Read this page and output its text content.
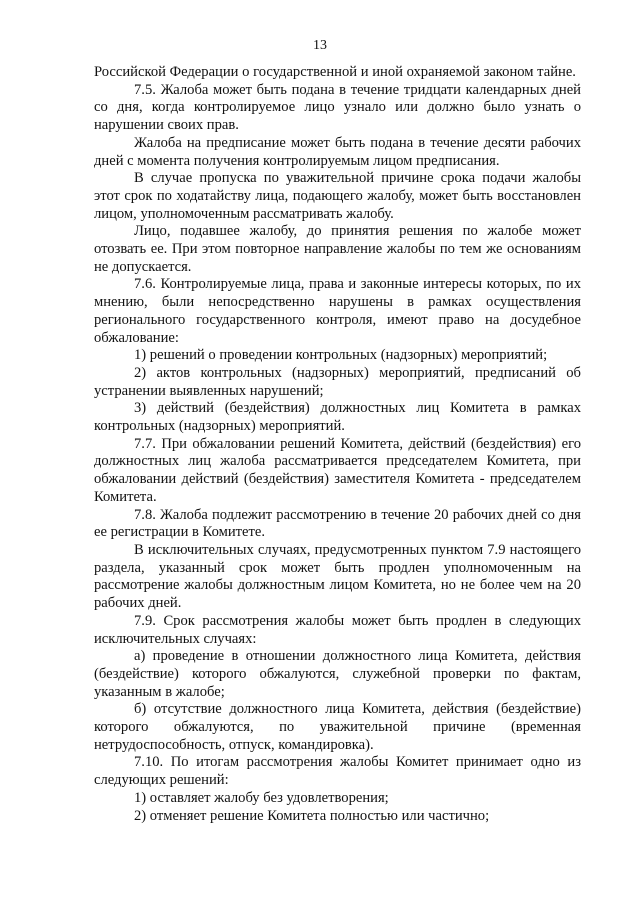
13

Российской Федерации о государственной и иной охраняемой законом тайне.

7.5. Жалоба может быть подана в течение тридцати календарных дней со дня, когда контролируемое лицо узнало или должно было узнать о нарушении своих прав.

Жалоба на предписание может быть подана в течение десяти рабочих дней с момента получения контролируемым лицом предписания.

В случае пропуска по уважительной причине срока подачи жалобы этот срок по ходатайству лица, подающего жалобу, может быть восстановлен лицом, уполномоченным рассматривать жалобу.

Лицо, подавшее жалобу, до принятия решения по жалобе может отозвать ее. При этом повторное направление жалобы по тем же основаниям не допускается.

7.6. Контролируемые лица, права и законные интересы которых, по их мнению, были непосредственно нарушены в рамках осуществления регионального государственного контроля, имеют право на досудебное обжалование:

1) решений о проведении контрольных (надзорных) мероприятий;

2) актов контрольных (надзорных) мероприятий, предписаний об устранении выявленных нарушений;

3) действий (бездействия) должностных лиц Комитета в рамках контрольных (надзорных) мероприятий.

7.7. При обжаловании решений Комитета, действий (бездействия) его должностных лиц жалоба рассматривается председателем Комитета, при обжаловании действий (бездействия) заместителя Комитета - председателем Комитета.

7.8. Жалоба подлежит рассмотрению в течение 20 рабочих дней со дня ее регистрации в Комитете.

В исключительных случаях, предусмотренных пунктом 7.9 настоящего раздела, указанный срок может быть продлен уполномоченным на рассмотрение жалобы должностным лицом Комитета, но не более чем на 20 рабочих дней.

7.9. Срок рассмотрения жалобы может быть продлен в следующих исключительных случаях:

а) проведение в отношении должностного лица Комитета, действия (бездействие) которого обжалуются, служебной проверки по фактам, указанным в жалобе;

б) отсутствие должностного лица Комитета, действия (бездействие) которого обжалуются, по уважительной причине (временная нетрудоспособность, отпуск, командировка).

7.10. По итогам рассмотрения жалобы Комитет принимает одно из следующих решений:

1) оставляет жалобу без удовлетворения;

2) отменяет решение Комитета полностью или частично;
